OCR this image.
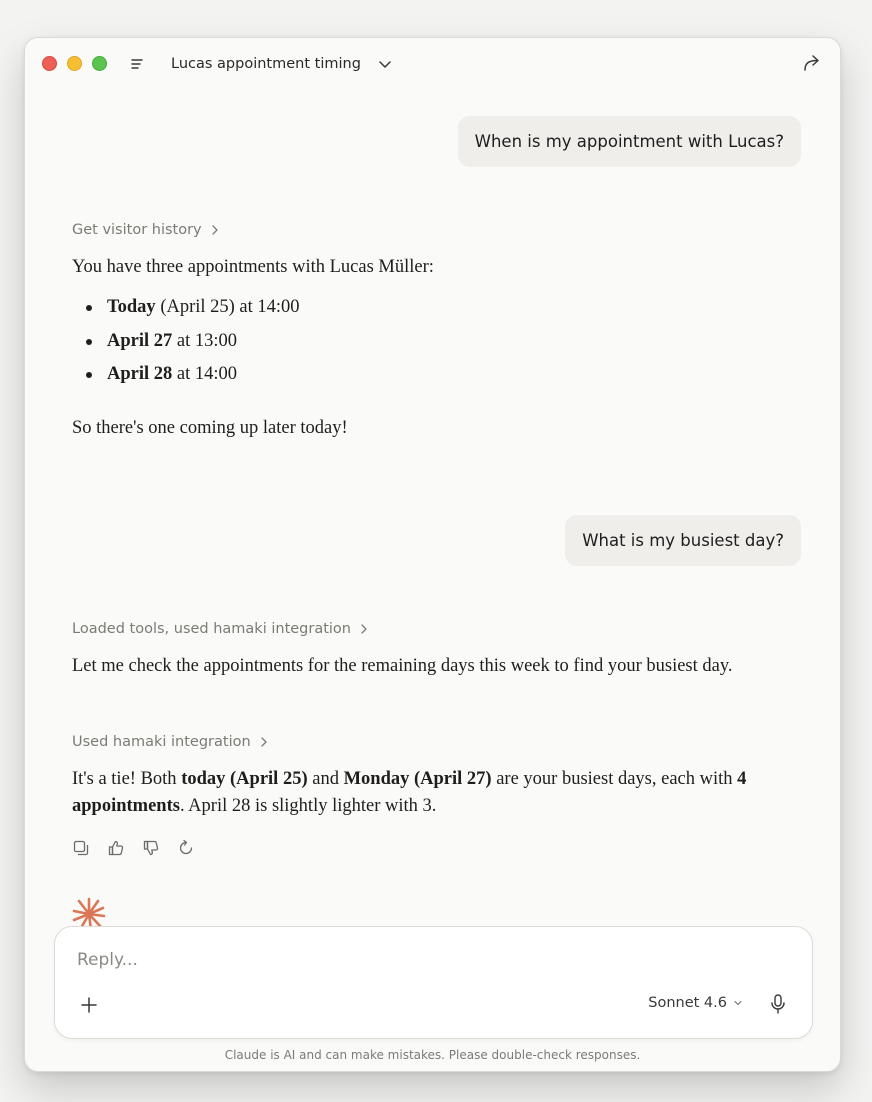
Lucas appointment timing
When is my appointment with Lucas?
Get visitor history
You have three appointments with Lucas Müller:
Today (April 25) at 14:00
April 27 at 13:00
April 28 at 14:00
So there's one coming up later today!
What is my busiest day?
Loaded tools, used hamaki integration
Let me check the appointments for the remaining days this week to find your busiest day.
Used hamaki integration
It's a tie! Both today (April 25) and Monday (April 27) are your busiest days, each with 4 appointments. April 28 is slightly lighter with 3.
Reply...
Sonnet 4.6
Claude is AI and can make mistakes. Please double-check responses.
